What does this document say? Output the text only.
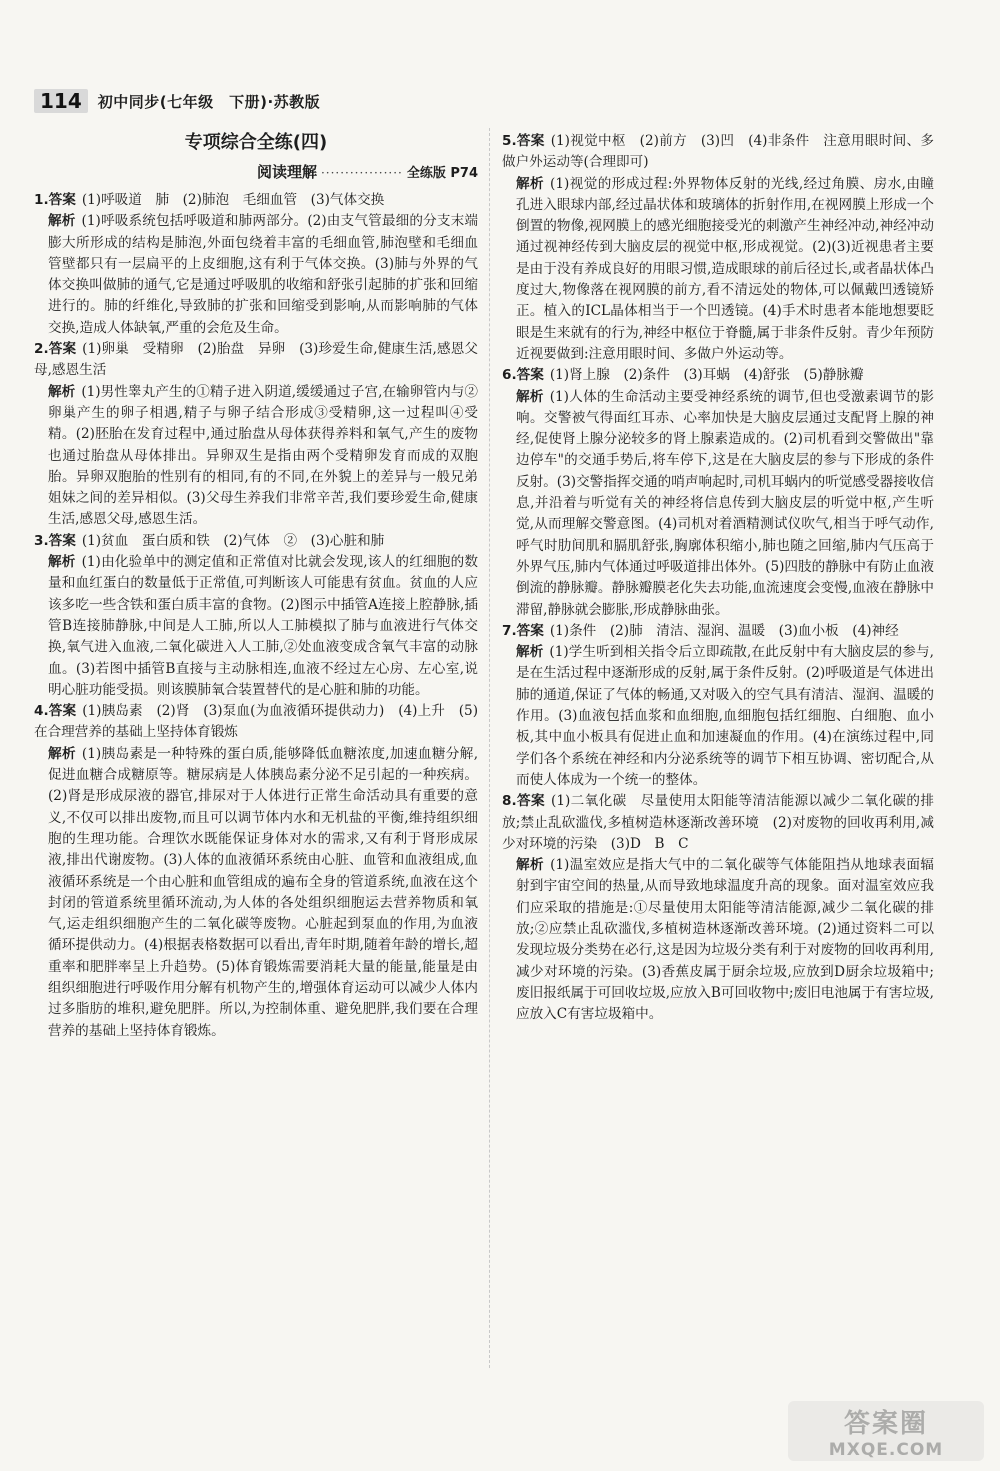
114	初中同步(七年级　下册)·苏教版
专项综合全练(四)
阅读理解 ················· 全练版 P74
1.答案 (1)呼吸道　肺　(2)肺泡　毛细血管　(3)气体交换
解析 (1)呼吸系统包括呼吸道和肺两部分。(2)由支气管最细的分支末端膨大所形成的结构是肺泡,外面包绕着丰富的毛细血管,肺泡壁和毛细血管壁都只有一层扁平的上皮细胞,这有利于气体交换。(3)肺与外界的气体交换叫做肺的通气,它是通过呼吸肌的收缩和舒张引起肺的扩张和回缩进行的。肺的纤维化,导致肺的扩张和回缩受到影响,从而影响肺的气体交换,造成人体缺氧,严重的会危及生命。
2.答案 (1)卵巢　受精卵　(2)胎盘　异卵　(3)珍爱生命,健康生活,感恩父母,感恩生活
解析 (1)男性睾丸产生的①精子进入阴道,缓缓通过子宫,在输卵管内与②卵巢产生的卵子相遇,精子与卵子结合形成③受精卵,这一过程叫④受精。(2)胚胎在发育过程中,通过胎盘从母体获得养料和氧气,产生的废物也通过胎盘从母体排出。异卵双生是指由两个受精卵发育而成的双胞胎。异卵双胞胎的性别有的相同,有的不同,在外貌上的差异与一般兄弟姐妹之间的差异相似。(3)父母生养我们非常辛苦,我们要珍爱生命,健康生活,感恩父母,感恩生活。
3.答案 (1)贫血　蛋白质和铁　(2)气体　②　(3)心脏和肺
解析 (1)由化验单中的测定值和正常值对比就会发现,该人的红细胞的数量和血红蛋白的数量低于正常值,可判断该人可能患有贫血。贫血的人应该多吃一些含铁和蛋白质丰富的食物。(2)图示中插管A连接上腔静脉,插管B连接肺静脉,中间是人工肺,所以人工肺模拟了肺与血液进行气体交换,氧气进入血液,二氧化碳进入人工肺,②处血液变成含氧气丰富的动脉血。(3)若图中插管B直接与主动脉相连,血液不经过左心房、左心室,说明心脏功能受损。则该膜肺氧合装置替代的是心脏和肺的功能。
4.答案 (1)胰岛素　(2)肾　(3)泵血(为血液循环提供动力)　(4)上升　(5)在合理营养的基础上坚持体育锻炼
解析 (1)胰岛素是一种特殊的蛋白质,能够降低血糖浓度,加速血糖分解,促进血糖合成糖原等。糖尿病是人体胰岛素分泌不足引起的一种疾病。(2)肾是形成尿液的器官,排尿对于人体进行正常生命活动具有重要的意义,不仅可以排出废物,而且可以调节体内水和无机盐的平衡,维持组织细胞的生理功能。合理饮水既能保证身体对水的需求,又有利于肾形成尿液,排出代谢废物。(3)人体的血液循环系统由心脏、血管和血液组成,血液循环系统是一个由心脏和血管组成的遍布全身的管道系统,血液在这个封闭的管道系统里循环流动,为人体的各处组织细胞运去营养物质和氧气,运走组织细胞产生的二氧化碳等废物。心脏起到泵血的作用,为血液循环提供动力。(4)根据表格数据可以看出,青年时期,随着年龄的增长,超重率和肥胖率呈上升趋势。(5)体育锻炼需要消耗大量的能量,能量是由组织细胞进行呼吸作用分解有机物产生的,增强体育运动可以减少人体内过多脂肪的堆积,避免肥胖。所以,为控制体重、避免肥胖,我们要在合理营养的基础上坚持体育锻炼。
5.答案 (1)视觉中枢　(2)前方　(3)凹　(4)非条件　注意用眼时间、多做户外运动等(合理即可)
解析 (1)视觉的形成过程:外界物体反射的光线,经过角膜、房水,由瞳孔进入眼球内部,经过晶状体和玻璃体的折射作用,在视网膜上形成一个倒置的物像,视网膜上的感光细胞接受光的刺激产生神经冲动,神经冲动通过视神经传到大脑皮层的视觉中枢,形成视觉。(2)(3)近视患者主要是由于没有养成良好的用眼习惯,造成眼球的前后径过长,或者晶状体凸度过大,物像落在视网膜的前方,看不清远处的物体,可以佩戴凹透镜矫正。植入的ICL晶体相当于一个凹透镜。(4)手术时患者本能地想要眨眼是生来就有的行为,神经中枢位于脊髓,属于非条件反射。青少年预防近视要做到:注意用眼时间、多做户外运动等。
6.答案 (1)肾上腺　(2)条件　(3)耳蜗　(4)舒张　(5)静脉瓣
解析 (1)人体的生命活动主要受神经系统的调节,但也受激素调节的影响。交警被气得面红耳赤、心率加快是大脑皮层通过支配肾上腺的神经,促使肾上腺分泌较多的肾上腺素造成的。(2)司机看到交警做出"靠边停车"的交通手势后,将车停下,这是在大脑皮层的参与下形成的条件反射。(3)交警指挥交通的哨声响起时,司机耳蜗内的听觉感受器接收信息,并沿着与听觉有关的神经将信息传到大脑皮层的听觉中枢,产生听觉,从而理解交警意图。(4)司机对着酒精测试仪吹气,相当于呼气动作,呼气时肋间肌和膈肌舒张,胸廓体积缩小,肺也随之回缩,肺内气压高于外界气压,肺内气体通过呼吸道排出体外。(5)四肢的静脉中有防止血液倒流的静脉瓣。静脉瓣膜老化失去功能,血流速度会变慢,血液在静脉中滞留,静脉就会膨胀,形成静脉曲张。
7.答案 (1)条件　(2)肺　清洁、湿润、温暖　(3)血小板　(4)神经
解析 (1)学生听到相关指令后立即疏散,在此反射中有大脑皮层的参与,是在生活过程中逐渐形成的反射,属于条件反射。(2)呼吸道是气体进出肺的通道,保证了气体的畅通,又对吸入的空气具有清洁、湿润、温暖的作用。(3)血液包括血浆和血细胞,血细胞包括红细胞、白细胞、血小板,其中血小板具有促进止血和加速凝血的作用。(4)在演练过程中,同学们各个系统在神经和内分泌系统等的调节下相互协调、密切配合,从而使人体成为一个统一的整体。
8.答案 (1)二氧化碳　尽量使用太阳能等清洁能源以减少二氧化碳的排放;禁止乱砍滥伐,多植树造林逐渐改善环境　(2)对废物的回收再利用,减少对环境的污染　(3)D　B　C
解析 (1)温室效应是指大气中的二氧化碳等气体能阻挡从地球表面辐射到宇宙空间的热量,从而导致地球温度升高的现象。面对温室效应我们应采取的措施是:①尽量使用太阳能等清洁能源,减少二氧化碳的排放;②应禁止乱砍滥伐,多植树造林逐渐改善环境。(2)通过资料二可以发现垃圾分类势在必行,这是因为垃圾分类有利于对废物的回收再利用,减少对环境的污染。(3)香蕉皮属于厨余垃圾,应放到D厨余垃圾箱中;废旧报纸属于可回收垃圾,应放入B可回收物中;废旧电池属于有害垃圾,应放入C有害垃圾箱中。
答案圈
MXQE.COM
